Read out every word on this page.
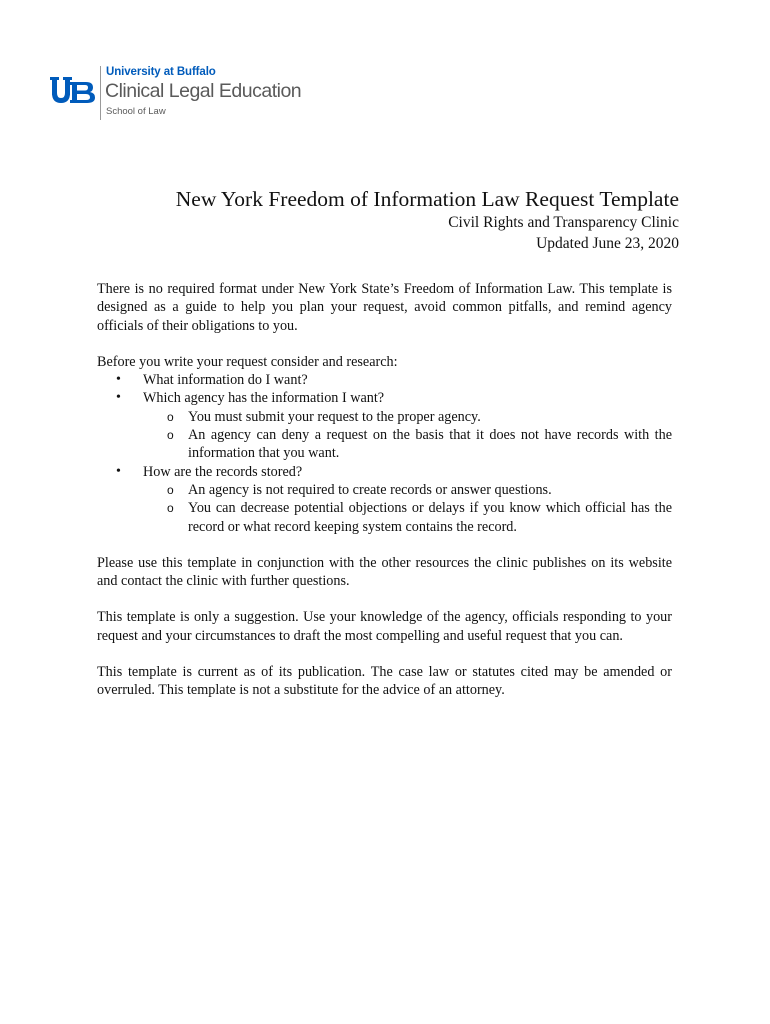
University at Buffalo
Clinical Legal Education
School of Law
New York Freedom of Information Law Request Template
Civil Rights and Transparency Clinic
Updated June 23, 2020

There is no required format under New York State’s Freedom of Information Law. This template is designed as a guide to help you plan your request, avoid common pitfalls, and remind agency officials of their obligations to you.

Before you write your request consider and research:

• What information do I want?
• Which agency has the information I want?
o You must submit your request to the proper agency.
o An agency can deny a request on the basis that it does not have records with the information that you want.
• How are the records stored?
o An agency is not required to create records or answer questions.
o You can decrease potential objections or delays if you know which official has the record or what record keeping system contains the record.

Please use this template in conjunction with the other resources the clinic publishes on its website and contact the clinic with further questions.

This template is only a suggestion. Use your knowledge of the agency, officials responding to your request and your circumstances to draft the most compelling and useful request that you can.

This template is current as of its publication. The case law or statutes cited may be amended or overruled. This template is not a substitute for the advice of an attorney.
